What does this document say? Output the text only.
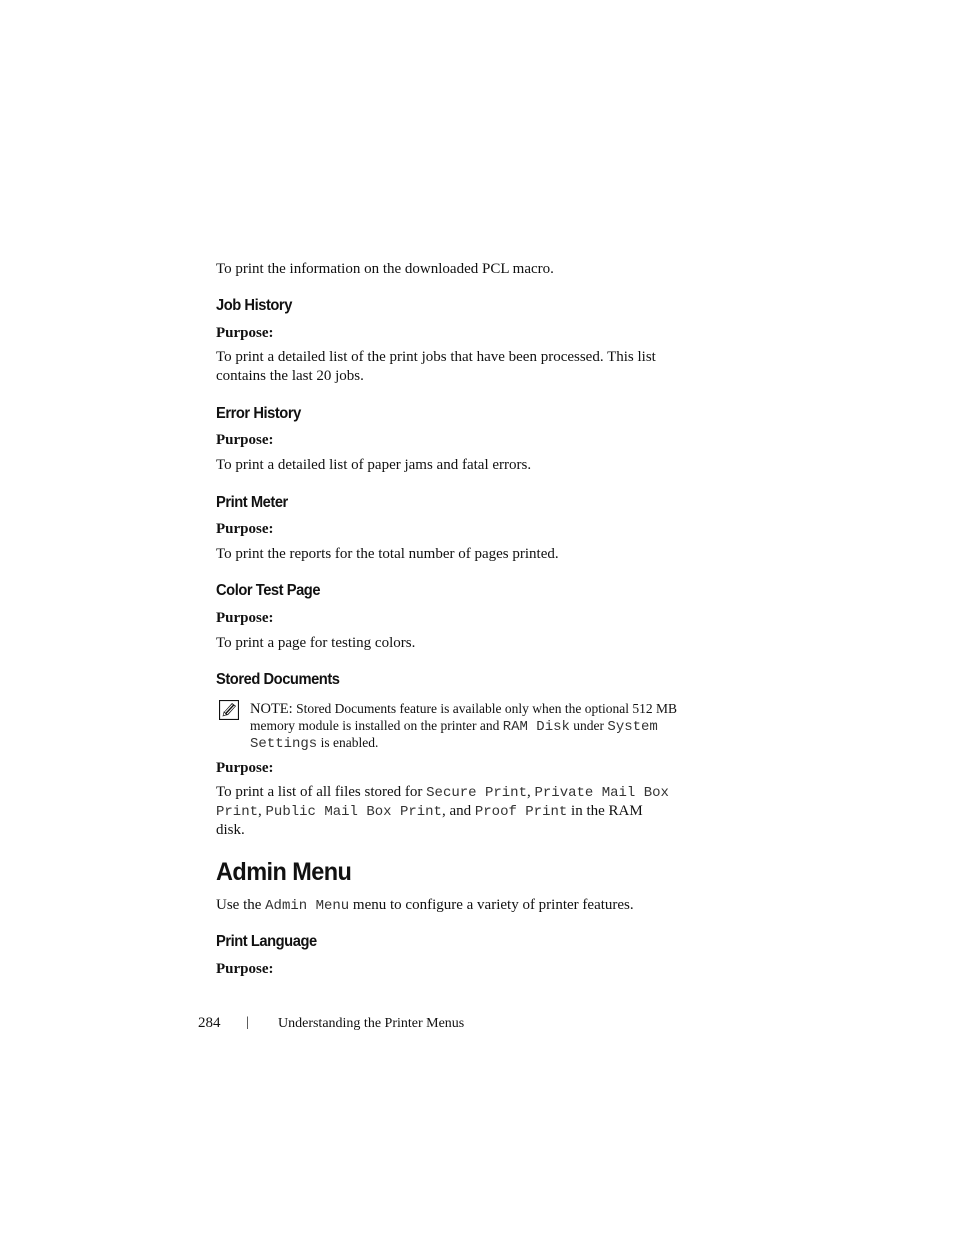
To print the information on the downloaded PCL macro.

Job History

Purpose:

To print a detailed list of the print jobs that have been processed. This list

contains the last 20 jobs.

Error History

Purpose:

To print a detailed list of paper jams and fatal errors.

Print Meter

Purpose:

To print the reports for the total number of pages printed.

Color Test Page

Purpose:

To print a page for testing colors.

Stored Documents

NOTE: Stored Documents feature is available only when the optional 512 MB

memory module is installed on the printer and RAM Disk under System

Settings is enabled.

Purpose:

To print a list of all files stored for Secure Print, Private Mail Box

Print, Public Mail Box Print, and Proof Print in the RAM

disk.

Admin Menu

Use the Admin Menu menu to configure a variety of printer features.

Print Language

Purpose:

284 | Understanding the Printer Menus
